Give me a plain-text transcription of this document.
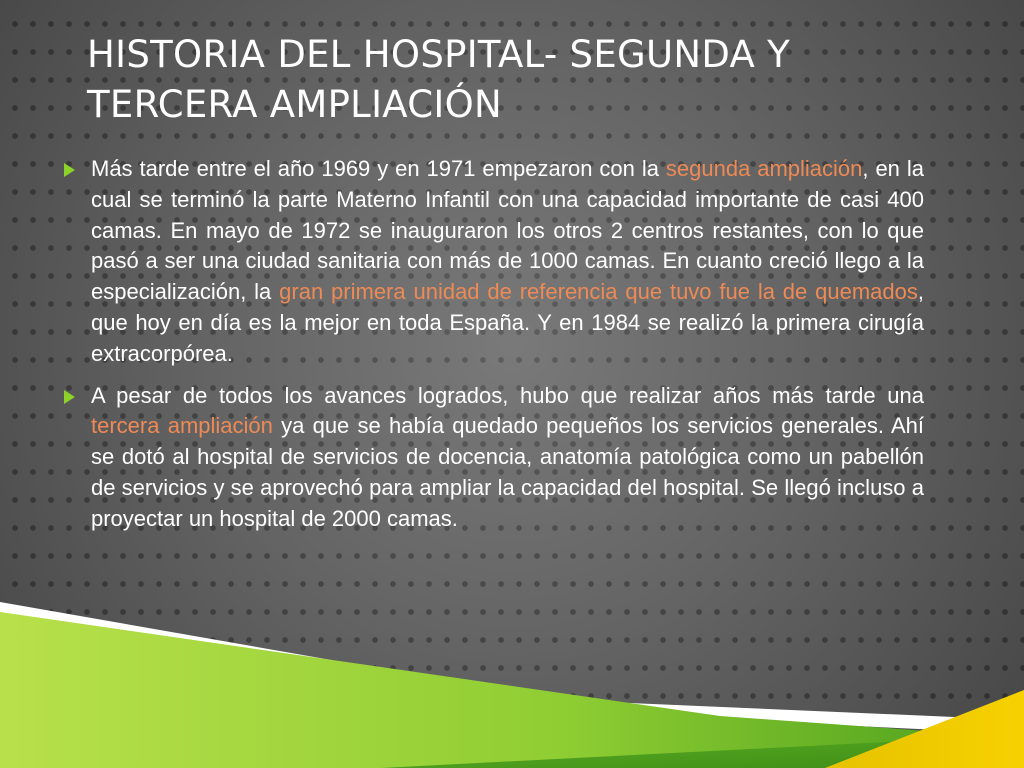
HISTORIA DEL HOSPITAL- SEGUNDA Y TERCERA AMPLIACIÓN
Más tarde entre el año 1969 y en 1971 empezaron con la segunda ampliación, en la cual se terminó la parte Materno Infantil con una capacidad importante de casi 400 camas. En mayo de 1972 se inauguraron los otros 2 centros restantes, con lo que pasó a ser una ciudad sanitaria con más de 1000 camas. En cuanto creció llego a la especialización, la gran primera unidad de referencia que tuvo fue la de quemados, que hoy en día es la mejor en toda España. Y en 1984 se realizó la primera cirugía extracorpórea.
A pesar de todos los avances logrados, hubo que realizar años más tarde una tercera ampliación ya que se había quedado pequeños los servicios generales. Ahí se dotó al hospital de servicios de docencia, anatomía patológica como un pabellón de servicios y se aprovechó para ampliar la capacidad del hospital. Se llegó incluso a proyectar un hospital de 2000 camas.
